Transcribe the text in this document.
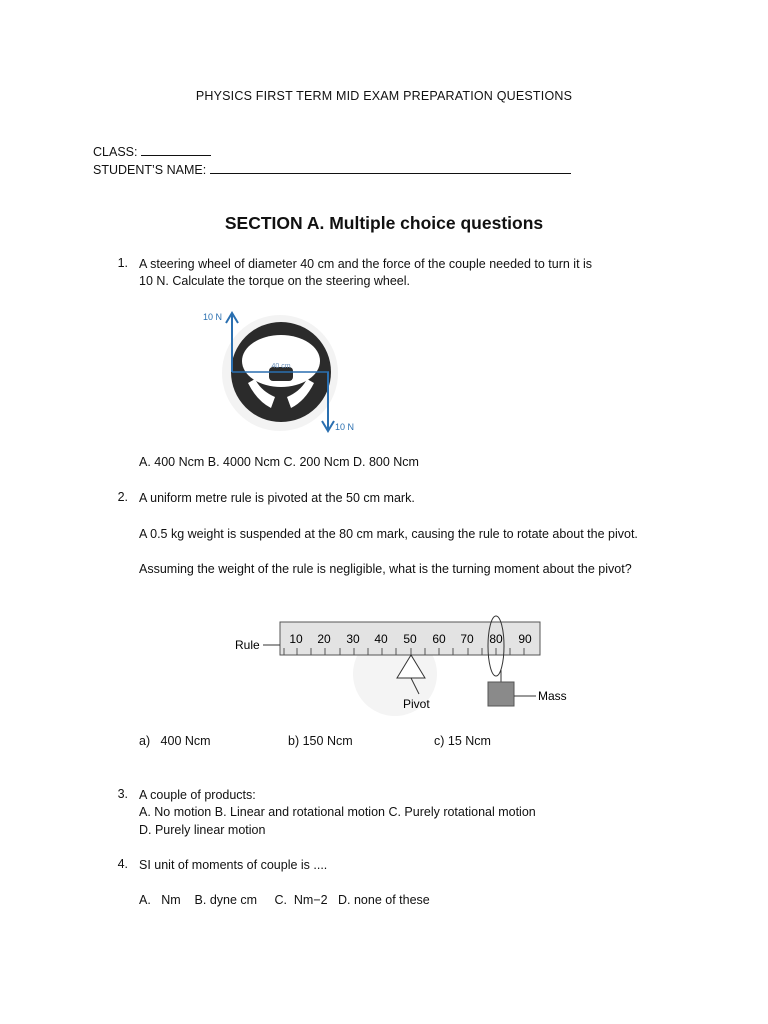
PHYSICS FIRST TERM MID EXAM PREPARATION QUESTIONS
CLASS:
STUDENT’S NAME:
SECTION A. Multiple choice questions
1. A steering wheel of diameter 40 cm and the force of the couple needed to turn it is
10 N. Calculate the torque on the steering wheel.
40 cm
10 N
10 N
A. 400 Ncm B. 4000 Ncm C. 200 Ncm D. 800 Ncm
2. A uniform metre rule is pivoted at the 50 cm mark.
A 0.5 kg weight is suspended at the 80 cm mark, causing the rule to rotate about the pivot.
Assuming the weight of the rule is negligible, what is the turning moment about the pivot?
10 20 30 40 50 60 70 80 90
Rule
Pivot
Mass
a) 400 Ncm	b) 150 Ncm	c) 15 Ncm
3. A couple of products:
A. No motion B. Linear and rotational motion C. Purely rotational motion
D. Purely linear motion
4. SI unit of moments of couple is ....
A.   Nm    B. dyne cm     C.  Nm−2   D. none of these
